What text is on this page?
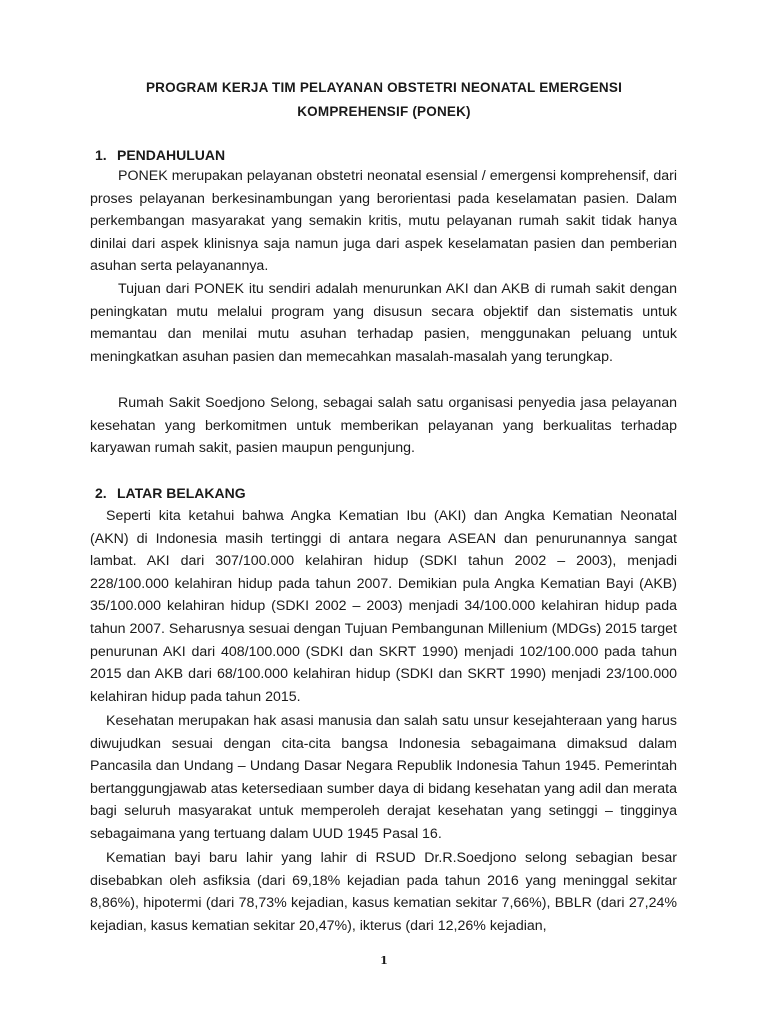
PROGRAM KERJA TIM PELAYANAN OBSTETRI NEONATAL EMERGENSI
KOMPREHENSIF (PONEK)
1. PENDAHULUAN

PONEK merupakan pelayanan obstetri neonatal esensial / emergensi komprehensif, dari proses pelayanan berkesinambungan yang berorientasi pada keselamatan pasien. Dalam perkembangan masyarakat yang semakin kritis, mutu pelayanan rumah sakit tidak hanya dinilai dari aspek klinisnya saja namun juga dari aspek keselamatan pasien dan pemberian asuhan serta pelayanannya.

Tujuan dari PONEK itu sendiri adalah menurunkan AKI dan AKB di rumah sakit dengan peningkatan mutu melalui program yang disusun secara objektif dan sistematis untuk memantau dan menilai mutu asuhan terhadap pasien, menggunakan peluang untuk meningkatkan asuhan pasien dan memecahkan masalah-masalah yang terungkap.

Rumah Sakit Soedjono Selong, sebagai salah satu organisasi penyedia jasa pelayanan kesehatan yang berkomitmen untuk memberikan pelayanan yang berkualitas terhadap karyawan rumah sakit, pasien maupun pengunjung.

2. LATAR BELAKANG

Seperti kita ketahui bahwa Angka Kematian Ibu (AKI) dan Angka Kematian Neonatal (AKN) di Indonesia masih tertinggi di antara negara ASEAN dan penurunannya sangat lambat. AKI dari 307/100.000 kelahiran hidup (SDKI tahun 2002 – 2003), menjadi 228/100.000 kelahiran hidup pada tahun 2007. Demikian pula Angka Kematian Bayi (AKB) 35/100.000 kelahiran hidup (SDKI 2002 – 2003) menjadi 34/100.000 kelahiran hidup pada tahun 2007. Seharusnya sesuai dengan Tujuan Pembangunan Millenium (MDGs) 2015 target penurunan AKI dari 408/100.000 (SDKI dan SKRT 1990) menjadi 102/100.000 pada tahun 2015 dan AKB dari 68/100.000 kelahiran hidup (SDKI dan SKRT 1990) menjadi 23/100.000 kelahiran hidup pada tahun 2015.

Kesehatan merupakan hak asasi manusia dan salah satu unsur kesejahteraan yang harus diwujudkan sesuai dengan cita-cita bangsa Indonesia sebagaimana dimaksud dalam Pancasila dan Undang – Undang Dasar Negara Republik Indonesia Tahun 1945. Pemerintah bertanggungjawab atas ketersediaan sumber daya di bidang kesehatan yang adil dan merata bagi seluruh masyarakat untuk memperoleh derajat kesehatan yang setinggi – tingginya sebagaimana yang tertuang dalam UUD 1945 Pasal 16.

Kematian bayi baru lahir yang lahir di RSUD Dr.R.Soedjono selong sebagian besar disebabkan oleh asfiksia (dari 69,18% kejadian pada tahun 2016 yang meninggal sekitar 8,86%), hipotermi (dari 78,73% kejadian, kasus kematian sekitar 7,66%), BBLR (dari 27,24% kejadian, kasus kematian sekitar 20,47%), ikterus (dari 12,26% kejadian,

1
